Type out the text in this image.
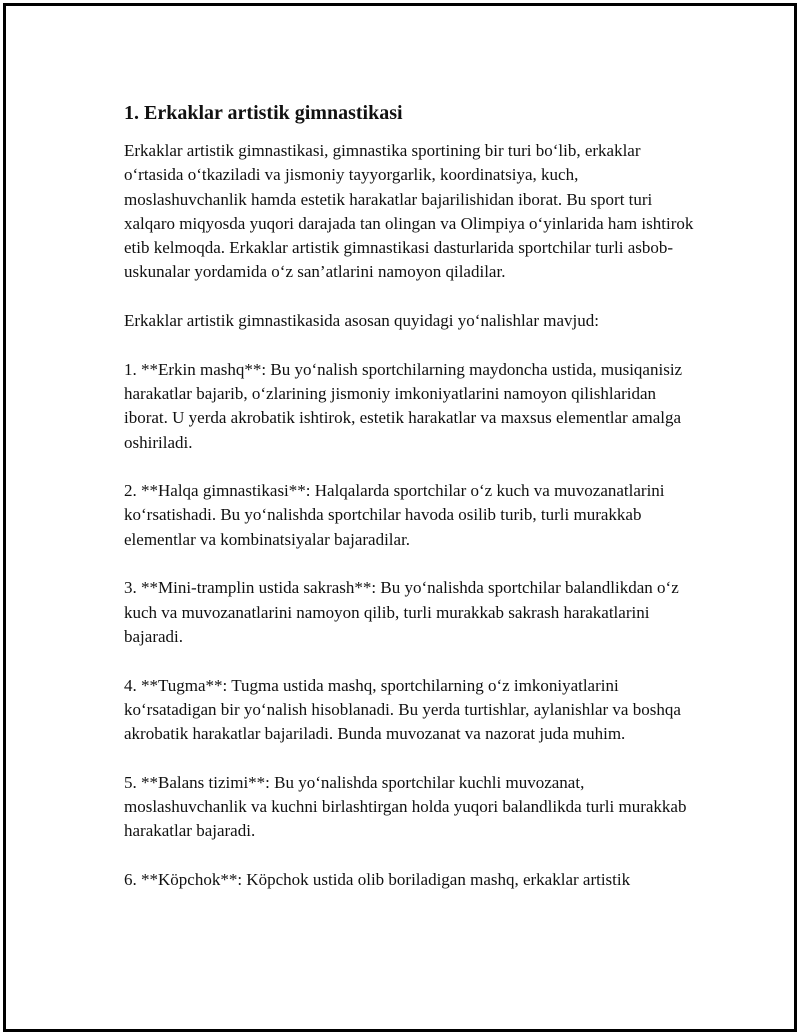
1. Erkaklar artistik gimnastikasi

Erkaklar artistik gimnastikasi, gimnastika sportining bir turi bo‘lib, erkaklar o‘rtasida o‘tkaziladi va jismoniy tayyorgarlik, koordinatsiya, kuch, moslashuvchanlik hamda estetik harakatlar bajarilishidan iborat. Bu sport turi xalqaro miqyosda yuqori darajada tan olingan va Olimpiya o‘yinlarida ham ishtirok etib kelmoqda. Erkaklar artistik gimnastikasi dasturlarida sportchilar turli asbob-uskunalar yordamida o‘z san’atlarini namoyon qiladilar.

Erkaklar artistik gimnastikasida asosan quyidagi yo‘nalishlar mavjud:

1. **Erkin mashq**: Bu yo‘nalish sportchilarning maydoncha ustida, musiqanisiz harakatlar bajarib, o‘zlarining jismoniy imkoniyatlarini namoyon qilishlaridan iborat. U yerda akrobatik ishtirok, estetik harakatlar va maxsus elementlar amalga oshiriladi.

2. **Halqa gimnastikasi**: Halqalarda sportchilar o‘z kuch va muvozanatlarini ko‘rsatishadi. Bu yo‘nalishda sportchilar havoda osilib turib, turli murakkab elementlar va kombinatsiyalar bajaradilar.

3. **Mini-tramplin ustida sakrash**: Bu yo‘nalishda sportchilar balandlikdan o‘z kuch va muvozanatlarini namoyon qilib, turli murakkab sakrash harakatlarini bajaradi.

4. **Tugma**: Tugma ustida mashq, sportchilarning o‘z imkoniyatlarini ko‘rsatadigan bir yo‘nalish hisoblanadi. Bu yerda turtishlar, aylanishlar va boshqa akrobatik harakatlar bajariladi. Bunda muvozanat va nazorat juda muhim.

5. **Balans tizimi**: Bu yo‘nalishda sportchilar kuchli muvozanat, moslashuvchanlik va kuchni birlashtirgan holda yuqori balandlikda turli murakkab harakatlar bajaradi.

6. **Köpchok**: Köpchok ustida olib boriladigan mashq, erkaklar artistik
